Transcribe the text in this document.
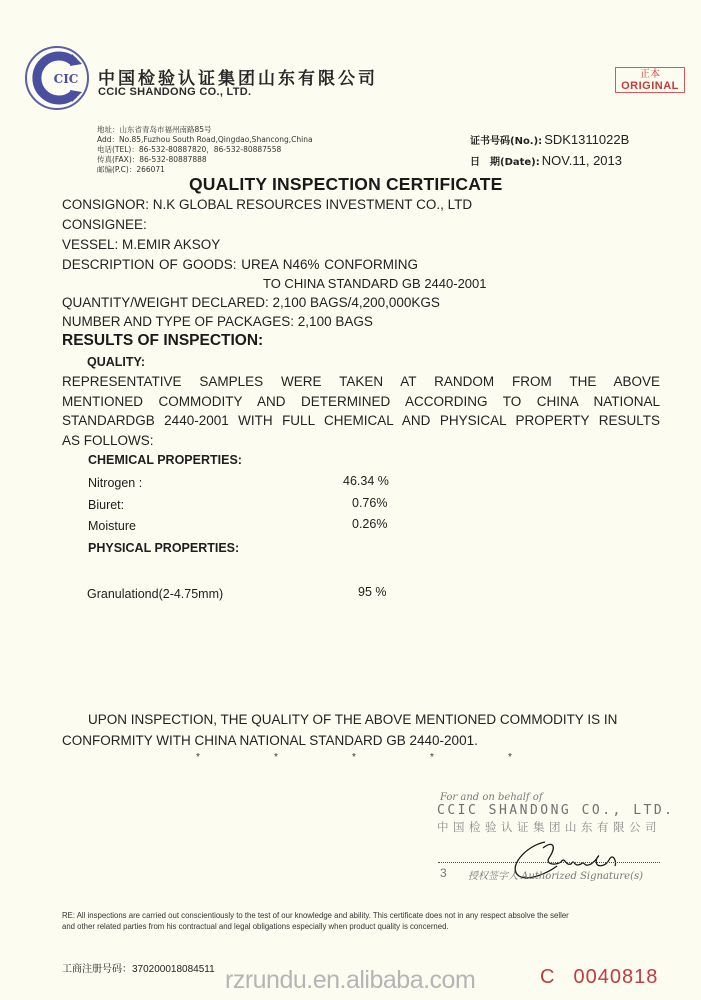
CIC 中国检验认证集团山东有限公司
CCIC SHANDONG CO., LTD.
正本
ORIGINAL
地址：山东省青岛市福州南路85号
Add：No.85,Fuzhou South Road,Qingdao,Shancong,China
电话(TEL)：86-532-80887820，86-532-80887558
传真(FAX)：86-532-80887888
邮编(P.C)：266071
证书号码(No.): SDK1311022B
日　期(Date): NOV.11, 2013
QUALITY INSPECTION CERTIFICATE
CONSIGNOR: N.K GLOBAL RESOURCES INVESTMENT CO., LTD
CONSIGNEE:
VESSEL: M.EMIR AKSOY
DESCRIPTION OF GOODS: UREA N46% CONFORMING
TO CHINA STANDARD GB 2440-2001
QUANTITY/WEIGHT DECLARED: 2,100 BAGS/4,200,000KGS
NUMBER AND TYPE OF PACKAGES: 2,100 BAGS
RESULTS OF INSPECTION:
QUALITY:
REPRESENTATIVE SAMPLES WERE TAKEN AT RANDOM FROM THE ABOVE
MENTIONED COMMODITY AND DETERMINED ACCORDING TO CHINA NATIONAL
STANDARDGB 2440-2001 WITH FULL CHEMICAL AND PHYSICAL PROPERTY RESULTS
AS FOLLOWS:
CHEMICAL PROPERTIES:
Nitrogen :	46.34 %
Biuret:	0.76%
Moisture	0.26%
PHYSICAL PROPERTIES:
Granulationd(2-4.75mm)	95 %
UPON INSPECTION, THE QUALITY OF THE ABOVE MENTIONED COMMODITY IS IN
CONFORMITY WITH CHINA NATIONAL STANDARD GB 2440-2001.
*	*	*	*	*
For and on behalf of
CCIC SHANDONG CO., LTD.
中国检验认证集团山东有限公司
3 授权签字人 Authorized Signature(s)
RE: All inspections are carried out conscientiously to the test of our knowledge and ability. This certificate does not in any respect absolve the seller
and other related parties from his contractual and legal obligations especially when product quality is concerned.
工商注册号码：370200018084511 rzrundu.en.alibaba.com	C 0040818
